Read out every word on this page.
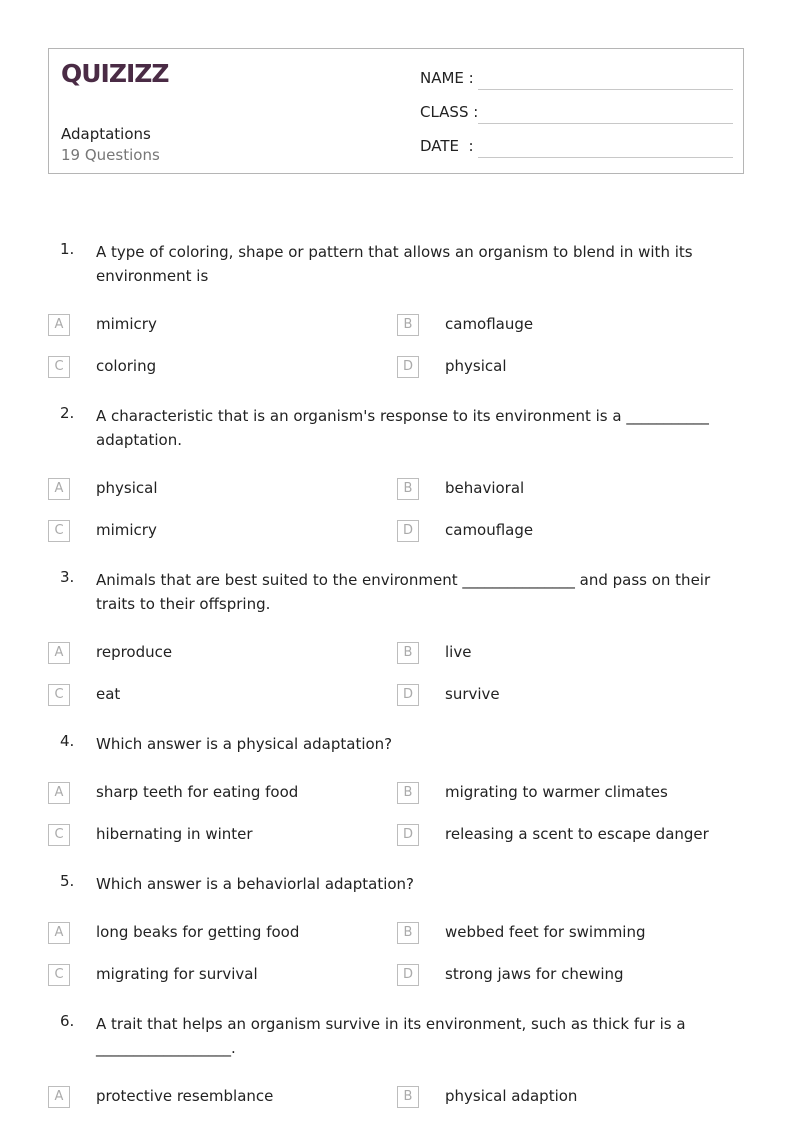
QUIZIZZ
Adaptations
19 Questions
NAME :
CLASS :
DATE  :
1. A type of coloring, shape or pattern that allows an organism to blend in with its environment is
A	mimicry	B	camoflauge
C	coloring	D	physical
2. A characteristic that is an organism's response to its environment is a ___________ adaptation.
A	physical	B	behavioral
C	mimicry	D	camouflage
3. Animals that are best suited to the environment _______________ and pass on their traits to their offspring.
A	reproduce	B	live
C	eat	D	survive
4. Which answer is a physical adaptation?
A	sharp teeth for eating food	B	migrating to warmer climates
C	hibernating in winter	D	releasing a scent to escape danger
5. Which answer is a behaviorlal adaptation?
A	long beaks for getting food	B	webbed feet for swimming
C	migrating for survival	D	strong jaws for chewing
6. A trait that helps an organism survive in its environment, such as thick fur is a __________________.
A	protective resemblance	B	physical adaption
